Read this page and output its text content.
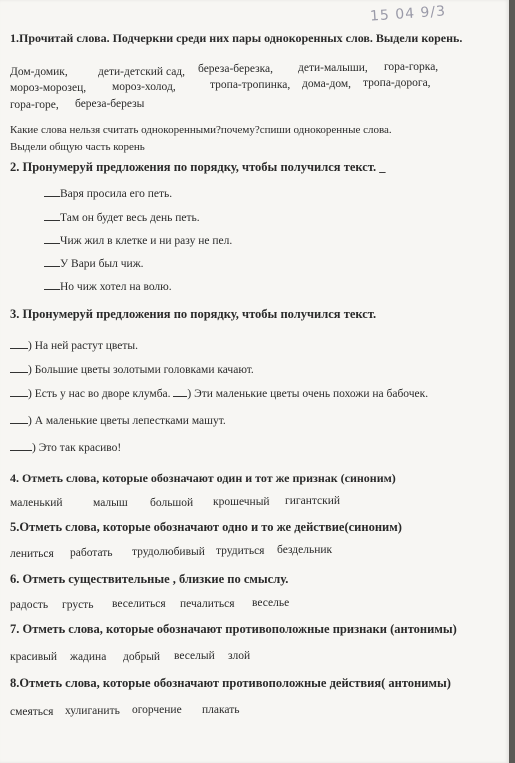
15 04 9/3
1.Прочитай слова. Подчеркни среди них пары однокоренных слов. Выдели корень.
Дом-домик,	дети-детский сад, береза-березка, дети-малыши, гора-горка,
мороз-морозец, мороз-холод,	тропа-тропинка, дома-дом, тропа-дорога,
гора-горе, береза-березы
Какие слова нельзя считать однокоренными?почему?спиши однокоренные слова.
Выдели общую часть корень
2. Пронумеруй предложения по порядку, чтобы получился текст. _
Варя просила его петь.
Там он будет весь день петь.
Чиж жил в клетке и ни разу не пел.
У Вари был чиж.
Но чиж хотел на волю.
3. Пронумеруй предложения по порядку, чтобы получился текст.
) На ней растут цветы.
) Большие цветы золотыми головками качают.
) Есть у нас во дворе клумба. ) Эти маленькие цветы очень похожи на бабочек.
) А маленькие цветы лепестками машут.
) Это так красиво!
4. Отметь слова, которые обозначают один и тот же признак (синоним)
маленький	малыш большой крошечный гигантский
5.Отметь слова, которые обозначают одно и то же действие(синоним)
лениться работать трудолюбивый трудиться бездельник
6. Отметь существительные , близкие по смыслу.
радость грусть веселиться печалиться веселье
7. Отметь слова, которые обозначают противоположные признаки (антонимы)
красивый жадина добрый веселый злой
8.Отметь слова, которые обозначают противоположные действия( антонимы)
смеяться хулиганить огорчение плакать
